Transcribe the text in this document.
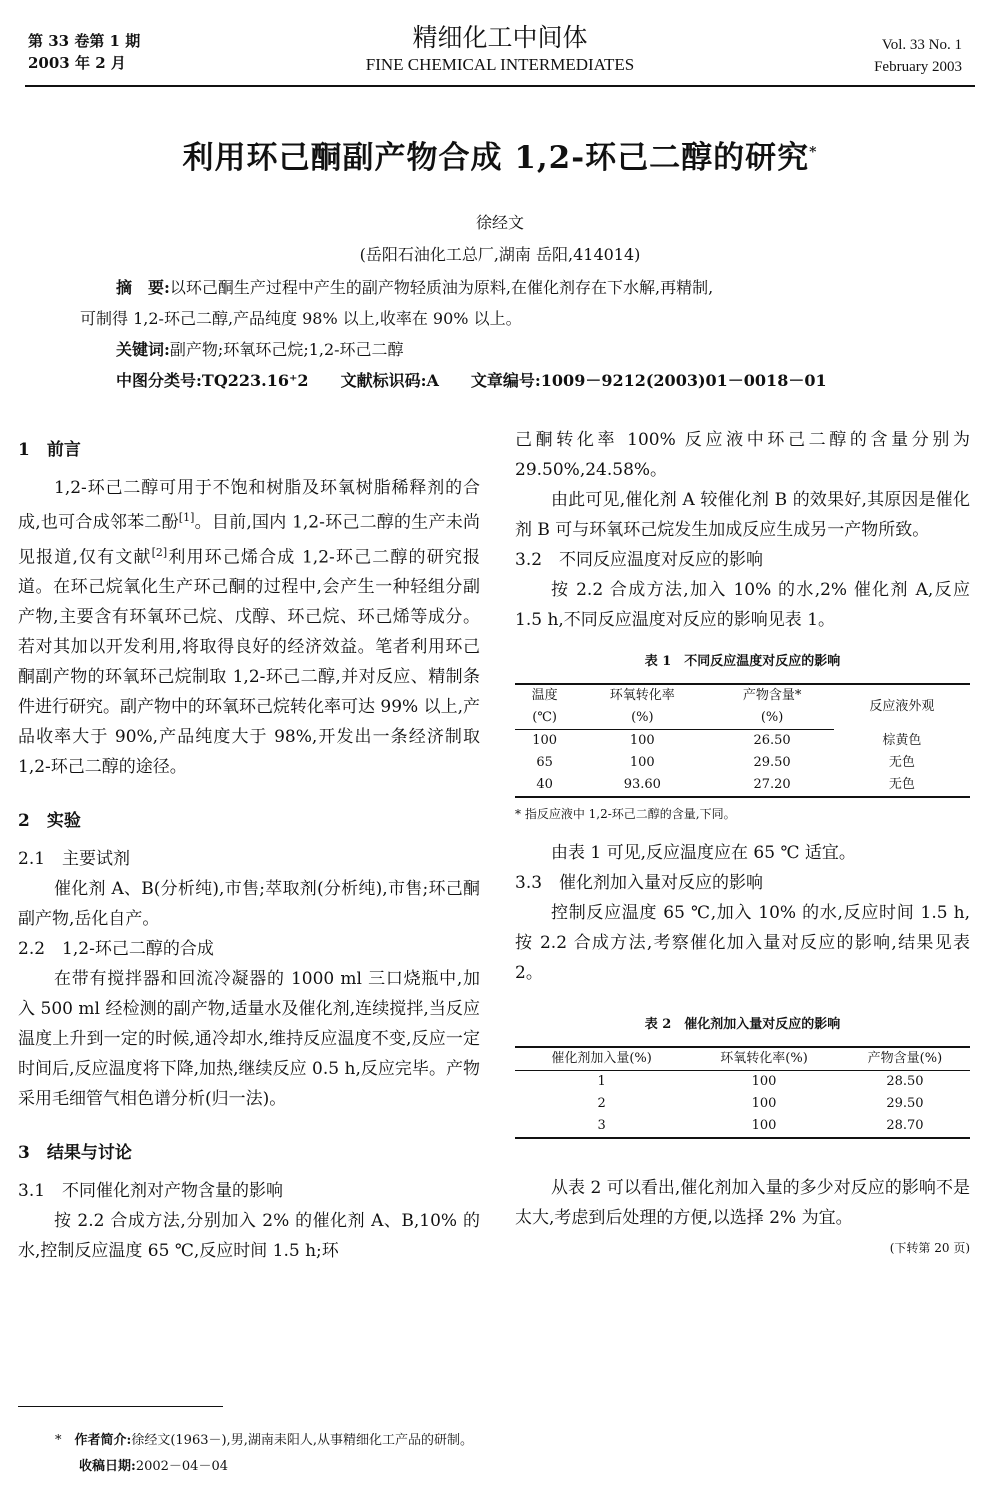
第 33 卷第 1 期
2003 年 2 月
精细化工中间体
FINE CHEMICAL INTERMEDIATES
Vol. 33 No. 1
February 2003
利用环己酮副产物合成 1,2-环己二醇的研究*
徐经文
(岳阳石油化工总厂,湖南 岳阳,414014)

摘　要:以环己酮生产过程中产生的副产物轻质油为原料,在催化剂存在下水解,再精制,

可制得 1,2-环己二醇,产品纯度 98% 以上,收率在 90% 以上。

关键词:副产物;环氧环己烷;1,2-环己二醇

中图分类号:TQ223.16⁺2　　文献标识码:A　　文章编号:1009－9212(2003)01－0018－01

1　前言

1,2-环己二醇可用于不饱和树脂及环氧树脂稀释剂的合成,也可合成邻苯二酚[1]。目前,国内 1,2-环己二醇的生产未尚见报道,仅有文献[2]利用环己烯合成 1,2-环己二醇的研究报道。在环己烷氧化生产环己酮的过程中,会产生一种轻组分副产物,主要含有环氧环己烷、戊醇、环己烷、环己烯等成分。若对其加以开发利用,将取得良好的经济效益。笔者利用环己酮副产物的环氧环己烷制取 1,2-环己二醇,并对反应、精制条件进行研究。副产物中的环氧环己烷转化率可达 99% 以上,产品收率大于 90%,产品纯度大于 98%,开发出一条经济制取 1,2-环己二醇的途径。

2　实验

2.1　主要试剂

催化剂 A、B(分析纯),市售;萃取剂(分析纯),市售;环己酮副产物,岳化自产。

2.2　1,2-环己二醇的合成

在带有搅拌器和回流冷凝器的 1000 ml 三口烧瓶中,加入 500 ml 经检测的副产物,适量水及催化剂,连续搅拌,当反应温度上升到一定的时候,通冷却水,维持反应温度不变,反应一定时间后,反应温度将下降,加热,继续反应 0.5 h,反应完毕。产物采用毛细管气相色谱分析(归一法)。

3　结果与讨论

3.1　不同催化剂对产物含量的影响

按 2.2 合成方法,分别加入 2% 的催化剂 A、B,10% 的水,控制反应温度 65 ℃,反应时间 1.5 h;环

己酮转化率 100% 反应液中环己二醇的含量分别为 29.50%,24.58%。

由此可见,催化剂 A 较催化剂 B 的效果好,其原因是催化剂 B 可与环氧环己烷发生加成反应生成另一产物所致。

3.2　不同反应温度对反应的影响

按 2.2 合成方法,加入 10% 的水,2% 催化剂 A,反应 1.5 h,不同反应温度对反应的影响见表 1。

表 1　不同反应温度对反应的影响

温度	环氧转化率	产物含量*	反应液外观
(℃)	(%)	(%)	
100	100	26.50	棕黄色
65	100	29.50	无色
40	93.60	27.20	无色

* 指反应液中 1,2-环己二醇的含量,下同。

由表 1 可见,反应温度应在 65 ℃ 适宜。

3.3　催化剂加入量对反应的影响

控制反应温度 65 ℃,加入 10% 的水,反应时间 1.5 h,按 2.2 合成方法,考察催化加入量对反应的影响,结果见表 2。

表 2　催化剂加入量对反应的影响

催化剂加入量(%)	环氧转化率(%)	产物含量(%)
1	100	28.50
2	100	29.50
3	100	28.70

从表 2 可以看出,催化剂加入量的多少对反应的影响不是太大,考虑到后处理的方便,以选择 2% 为宜。

(下转第 20 页)

*　作者简介:徐经文(1963－),男,湖南耒阳人,从事精细化工产品的研制。
收稿日期:2002－04－04
